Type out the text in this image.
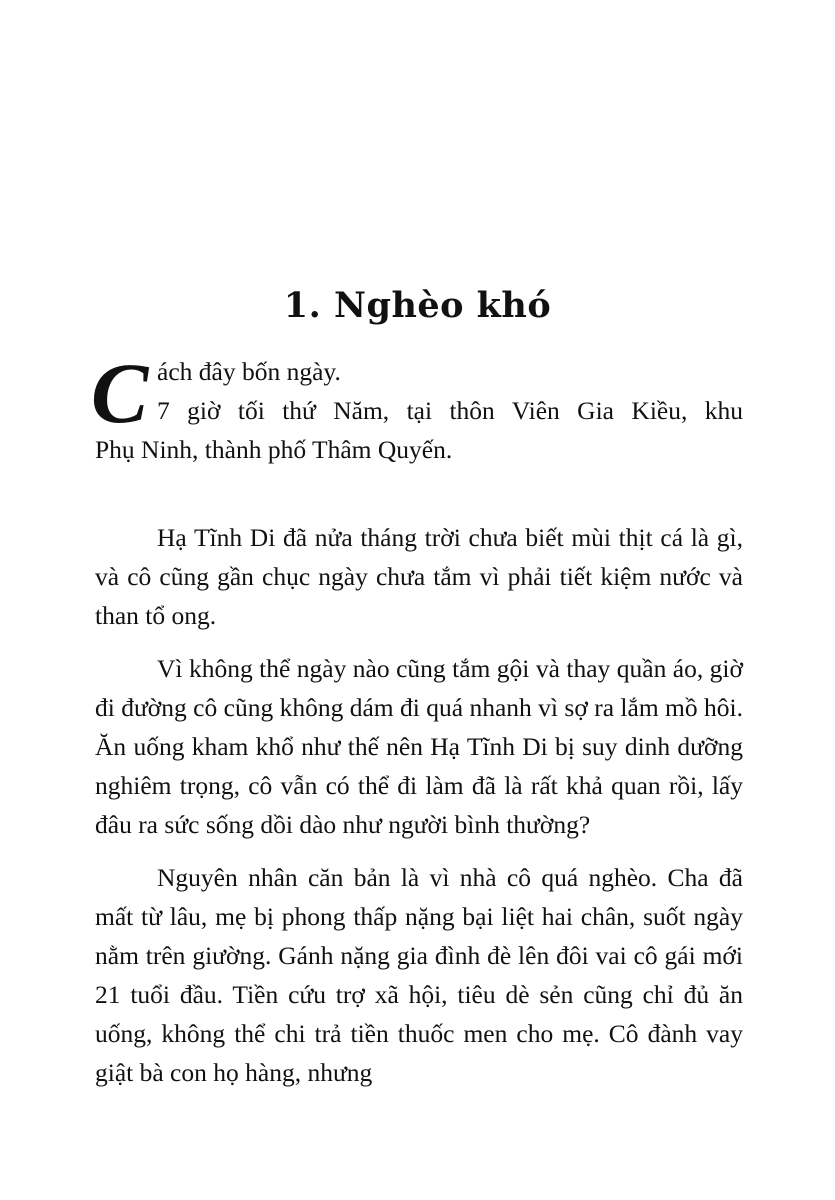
1. Nghèo khó
C ách đây bốn ngày.
7 giờ tối thứ Năm, tại thôn Viên Gia Kiều, khu
Phụ Ninh, thành phố Thâm Quyến.

Hạ Tĩnh Di đã nửa tháng trời chưa biết mùi thịt cá là gì, và cô cũng gần chục ngày chưa tắm vì phải tiết kiệm nước và than tổ ong.

Vì không thể ngày nào cũng tắm gội và thay quần áo, giờ đi đường cô cũng không dám đi quá nhanh vì sợ ra lắm mồ hôi. Ăn uống kham khổ như thế nên Hạ Tĩnh Di bị suy dinh dưỡng nghiêm trọng, cô vẫn có thể đi làm đã là rất khả quan rồi, lấy đâu ra sức sống dồi dào như người bình thường?

Nguyên nhân căn bản là vì nhà cô quá nghèo. Cha đã mất từ lâu, mẹ bị phong thấp nặng bại liệt hai chân, suốt ngày nằm trên giường. Gánh nặng gia đình đè lên đôi vai cô gái mới 21 tuổi đầu. Tiền cứu trợ xã hội, tiêu dè sẻn cũng chỉ đủ ăn uống, không thể chi trả tiền thuốc men cho mẹ. Cô đành vay giật bà con họ hàng, nhưng
